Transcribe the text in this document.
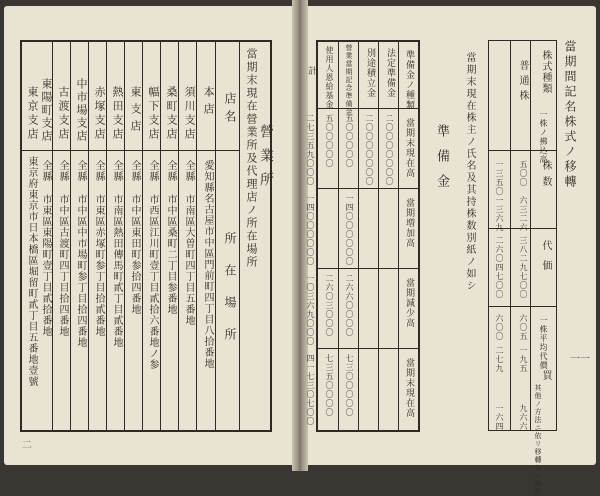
營業所
當期末現在營業所及代理店ノ所在場所
店名
所在場所
本店
愛知縣名古屋市中區門前町四丁目八拾番地
須川支店
全縣 市南區大曽町四丁目五番地
桑町支店
全縣 市中區桑町二丁目参番地
幅下支店
全縣 市西區江川町壹丁目貳拾六番地ノ参
東支店
全縣 市中區東田町参拾四番地
熱田支店
全縣 市南區熱田傳馬町貳丁目貳番地
赤塚支店
全縣 市東區赤塚町参丁目拾貳番地
中市場支店
全縣 市中區中市場町参丁目拾四番地
古渡支店
全縣 市中區古渡町四丁目拾四番地
東陽町支店
全縣 市東區東陽町壹丁目貳拾番地
東京支店
東京府東京市日本橋區堀留町貳丁目五番地壹號
二
當期間記名株式ノ移轉
株式種類
普通株
一株ノ拂込高
株数
代価
一株平均代價
買
其他ノ方法ニ依リ移轉セル株数
五〇〇
一三五〇
六三二六
一三六九
三八二九七〇〇
二六〇四七〇〇
六〇五
六〇〇
一九五
二七九
九六六
一六四
當期末現在株主ノ氏名及其持株数別紙ノ如シ
準備金
準備金ノ種類
當期末現在高
當期増加高
當期減少高
當期末現在高
法定準備金
二〇〇〇〇〇〇〇
別途積立金
二〇〇〇〇〇〇〇
營業當期記念準備金
五〇〇〇〇〇
一四〇〇〇〇〇〇
二六六〇〇〇〇
七三〇〇〇〇〇
使用人恩給基金
五〇〇〇〇〇
二六〇三〇〇〇
七三五〇〇〇〇
計
二七三五九〇〇〇
一四〇〇〇〇〇〇
一〇三六九〇〇〇
四一七三〇七〇〇	一一
